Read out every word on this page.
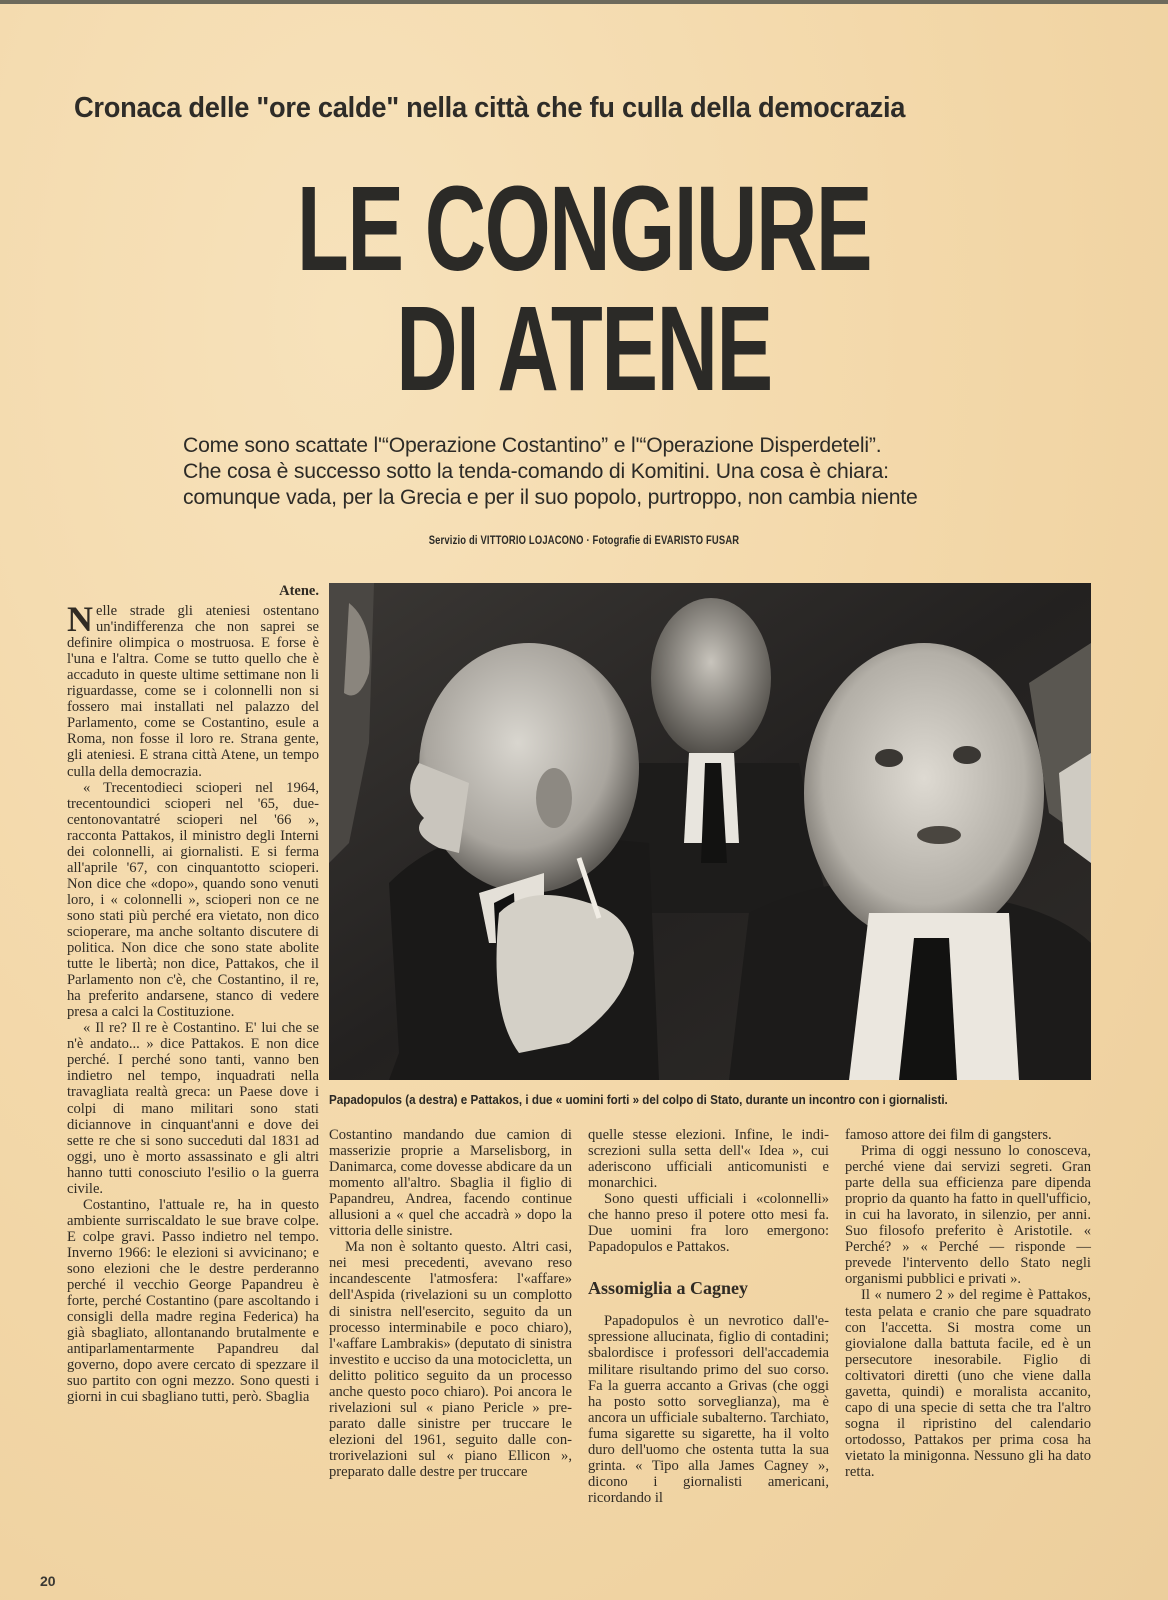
Cronaca delle "ore calde" nella città che fu culla della democrazia
LE CONGIURE
DI ATENE
Come sono scattate l'“Operazione Costantino” e l'“Operazione Disperdeteli”.
Che cosa è successo sotto la tenda-comando di Komitini. Una cosa è chiara:
comunque vada, per la Grecia e per il suo popolo, purtroppo, non cambia niente
Servizio di VITTORIO LOJACONO · Fotografie di EVARISTO FUSAR
Atene.

Nelle strade gli ateniesi ostentano un'indifferenza che non saprei se definire olimpica o mostruosa. E forse è l'una e l'altra. Come se tutto quello che è accaduto in queste ultime settimane non li riguardasse, come se i colonnelli non si fossero mai installati nel palazzo del Parlamento, come se Costantino, esule a Roma, non fosse il loro re. Strana gente, gli ateniesi. E strana città Atene, un tempo culla della democrazia.

« Trecentodieci scioperi nel 1964, trecentoundici scioperi nel '65, duecentonovantatré scioperi nel '66 », racconta Pattakos, il ministro degli Interni dei colonnelli, ai giornalisti. E si ferma all'aprile '67, con cinquantotto scioperi. Non dice che «dopo», quando sono venuti loro, i « colonnelli », scioperi non ce ne sono stati più perché era vietato, non dico scioperare, ma anche soltanto discutere di politica. Non dice che sono state abolite tutte le libertà; non dice, Pattakos, che il Parlamento non c'è, che Costantino, il re, ha preferito andarsene, stanco di vedere presa a calci la Costituzione.

« Il re? Il re è Costantino. E' lui che se n'è andato... » dice Pattakos. E non dice perché. I perché sono tanti, vanno ben indietro nel tempo, inquadrati nella travagliata realtà greca: un Paese dove i colpi di mano militari sono stati diciannove in cinquant'anni e dove dei sette re che si sono succeduti dal 1831 ad oggi, uno è morto assassinato e gli altri hanno tutti conosciuto l'esilio o la guerra civile.

Costantino, l'attuale re, ha in questo ambiente surriscaldato le sue brave colpe. E colpe gravi. Passo indietro nel tempo. Inverno 1966: le elezioni si avvicinano; e sono elezioni che le destre perderanno perché il vecchio George Papandreu è forte, perché Costantino (pare ascoltando i consigli della madre regina Federica) ha già sbagliato, allontanando brutalmente e antiparlamentarmente Papandreu dal governo, dopo avere cercato di spezzare il suo partito con ogni mezzo. Sono questi i giorni in cui sbagliano tutti, però. Sbaglia

Papadopulos (a destra) e Pattakos, i due « uomini forti » del colpo di Stato, durante un incontro con i giornalisti.

Costantino mandando due camion di masserizie proprie a Marselisborg, in Danimarca, come dovesse abdicare da un momento all'altro. Sbaglia il figlio di Papandreu, Andrea, facendo continue allusioni a « quel che accadrà » dopo la vittoria delle sinistre.

Ma non è soltanto questo. Altri casi, nei mesi precedenti, avevano reso incandescente l'atmosfera: l'«affare» dell'Aspida (rivelazioni su un complotto di sinistra nell'esercito, seguito da un processo interminabile e poco chiaro), l'«affare Lambrakis» (deputato di sinistra investito e ucciso da una motocicletta, un delitto politico seguito da un processo anche questo poco chiaro). Poi ancora le rivelazioni sul « piano Pericle » preparato dalle sinistre per truccare le elezioni del 1961, seguito dalle controrivelazioni sul « piano Ellicon », preparato dalle destre per truccare

quelle stesse elezioni. Infine, le indiscrezioni sulla setta dell'« Idea », cui aderiscono ufficiali anticomunisti e monarchici.

Sono questi ufficiali i «colonnelli» che hanno preso il potere otto mesi fa. Due uomini fra loro emergono: Papadopulos e Pattakos.

Assomiglia a Cagney

Papadopulos è un nevrotico dall'espressione allucinata, figlio di contadini; sbalordisce i professori dell'accademia militare risultando primo del suo corso. Fa la guerra accanto a Grivas (che oggi ha posto sotto sorveglianza), ma è ancora un ufficiale subalterno. Tarchiato, fuma sigarette su sigarette, ha il volto duro dell'uomo che ostenta tutta la sua grinta. « Tipo alla James Cagney », dicono i giornalisti americani, ricordando il

famoso attore dei film di gangsters.

Prima di oggi nessuno lo conosceva, perché viene dai servizi segreti. Gran parte della sua efficienza pare dipenda proprio da quanto ha fatto in quell'ufficio, in cui ha lavorato, in silenzio, per anni. Suo filosofo preferito è Aristotile. « Perché? » « Perché — risponde — prevede l'intervento dello Stato negli organismi pubblici e privati ».

Il « numero 2 » del regime è Pattakos, testa pelata e cranio che pare squadrato con l'accetta. Si mostra come un giovialone dalla battuta facile, ed è un persecutore inesorabile. Figlio di coltivatori diretti (uno che viene dalla gavetta, quindi) e moralista accanito, capo di una specie di setta che tra l'altro sogna il ripristino del calendario ortodosso, Pattakos per prima cosa ha vietato la minigonna. Nessuno gli ha dato retta.

20
